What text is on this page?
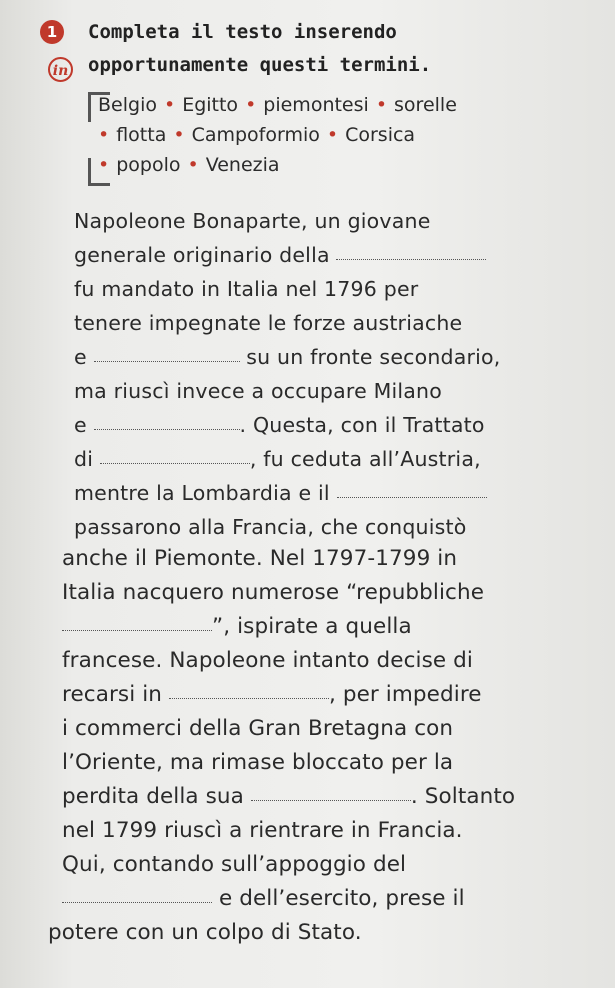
1
in
Completa il testo inserendo
opportunamente questi termini.
Belgio • Egitto • piemontesi • sorelle
• flotta • Campoformio • Corsica
• popolo • Venezia
Napoleone Bonaparte, un giovane
generale originario della
fu mandato in Italia nel 1796 per
tenere impegnate le forze austriache
e	su un fronte secondario,
ma riuscì invece a occupare Milano
e	. Questa, con il Trattato
di	, fu ceduta all’Austria,
mentre la Lombardia e il
passarono alla Francia, che conquistò
anche il Piemonte. Nel 1797-1799 in
Italia nacquero numerose “repubbliche
”, ispirate a quella
francese. Napoleone intanto decise di
recarsi in	, per impedire
i commerci della Gran Bretagna con
l’Oriente, ma rimase bloccato per la
perdita della sua	. Soltanto
nel 1799 riuscì a rientrare in Francia.
Qui, contando sull’appoggio del
e dell’esercito, prese il
potere con un colpo di Stato.
